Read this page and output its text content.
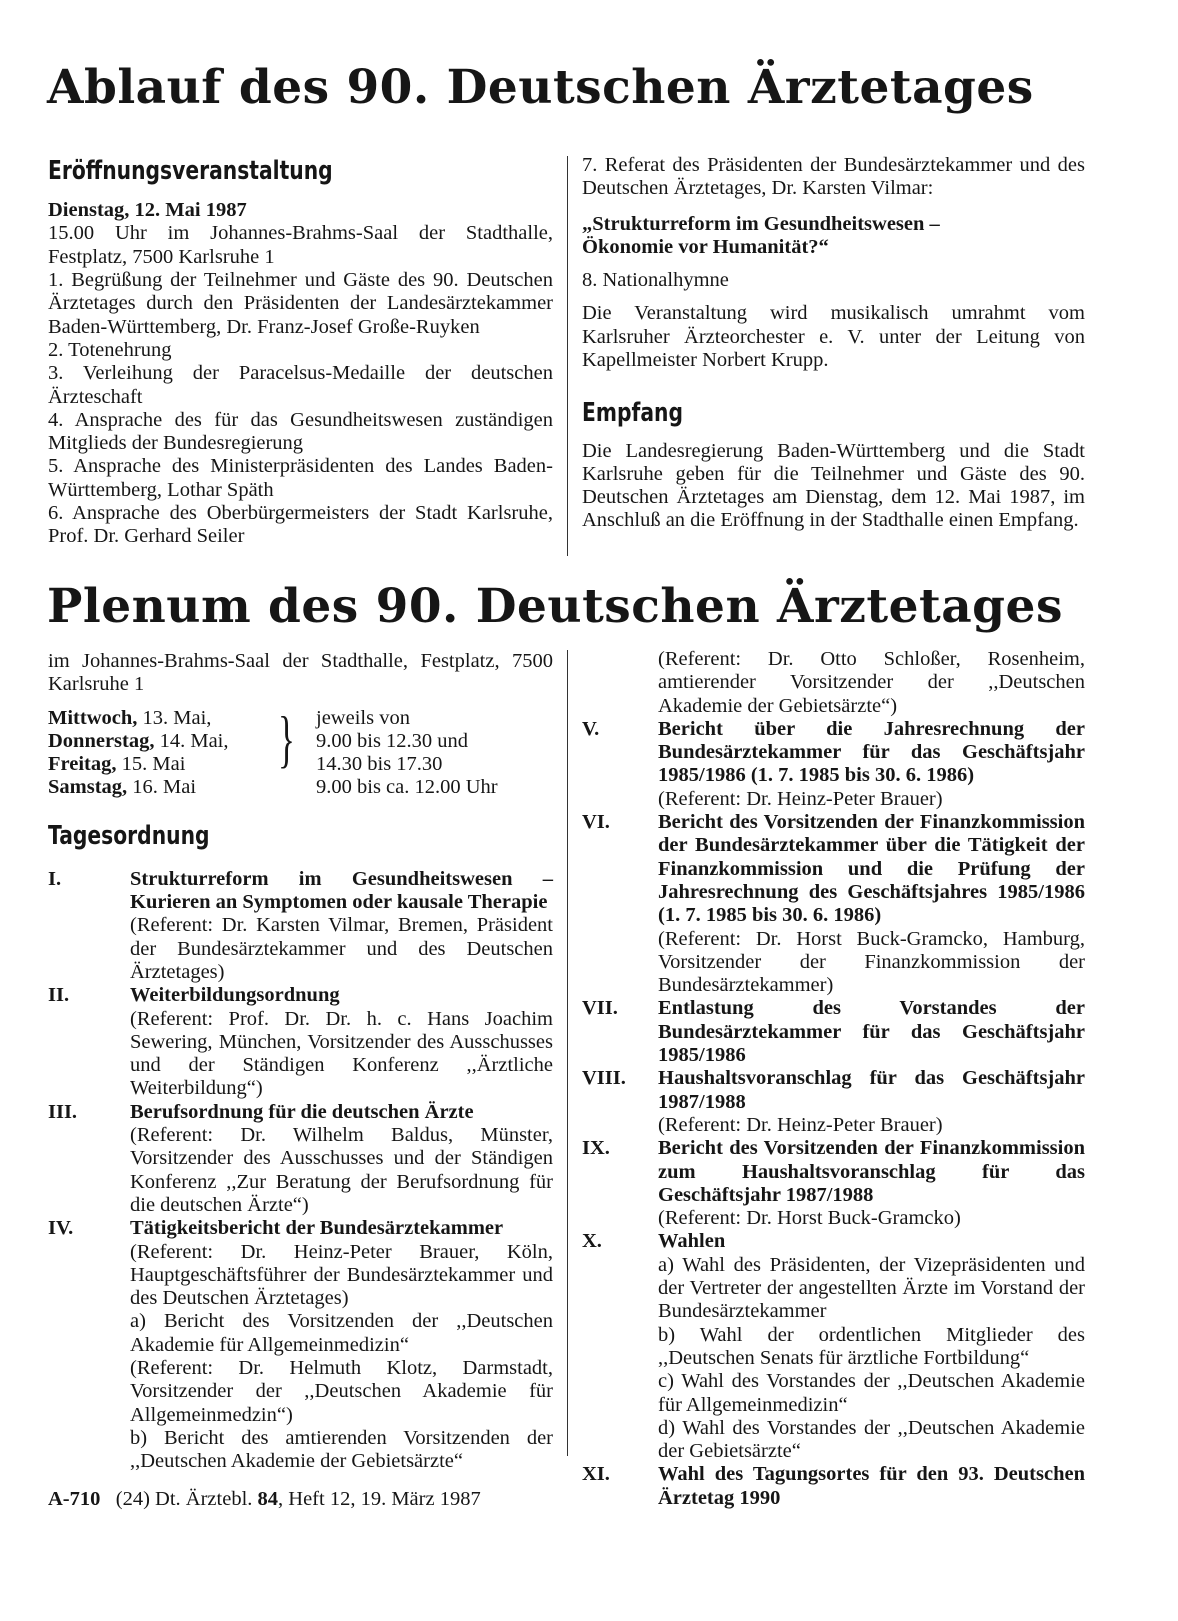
Ablauf des 90. Deutschen Ärztetages
Eröffnungsveranstaltung

Dienstag, 12. Mai 1987

15.00 Uhr im Johannes-Brahms-Saal der Stadthalle, Festplatz, 7500 Karlsruhe 1

1. Begrüßung der Teilnehmer und Gäste des 90. Deutschen Ärztetages durch den Präsidenten der Landesärztekammer Baden-Württemberg, Dr. Franz-Josef Große-Ruyken

2. Totenehrung

3. Verleihung der Paracelsus-Medaille der deutschen Ärzteschaft

4. Ansprache des für das Gesundheitswesen zuständigen Mitglieds der Bundesregierung

5. Ansprache des Ministerpräsidenten des Landes Baden-Württemberg, Lothar Späth

6. Ansprache des Oberbürgermeisters der Stadt Karlsruhe, Prof. Dr. Gerhard Seiler

7. Referat des Präsidenten der Bundesärztekammer und des Deutschen Ärztetages, Dr. Karsten Vilmar:

„Strukturreform im Gesundheitswesen –
Ökonomie vor Humanität?“

8. Nationalhymne

Die Veranstaltung wird musikalisch umrahmt vom Karlsruher Ärzteorchester e. V. unter der Leitung von Kapellmeister Norbert Krupp.

Empfang

Die Landesregierung Baden-Württemberg und die Stadt Karlsruhe geben für die Teilnehmer und Gäste des 90. Deutschen Ärztetages am Dienstag, dem 12. Mai 1987, im Anschluß an die Eröffnung in der Stadthalle einen Empfang.

Plenum des 90. Deutschen Ärztetages

im Johannes-Brahms-Saal der Stadthalle, Festplatz, 7500 Karlsruhe 1

Mittwoch, 13. Mai,	jeweils von
Donnerstag, 14. Mai,	9.00 bis 12.30 und
Freitag, 15. Mai	14.30 bis 17.30
Samstag, 16. Mai	9.00 bis ca. 12.00 Uhr
}
Tagesordnung
I.	Strukturreform im Gesundheitswesen – Kurieren an Symptomen oder kausale Therapie

(Referent: Dr. Karsten Vilmar, Bremen, Präsident der Bundesärztekammer und des Deutschen Ärztetages)

II.	Weiterbildungsordnung

(Referent: Prof. Dr. Dr. h. c. Hans Joachim Sewering, München, Vorsitzender des Ausschusses und der Ständigen Konferenz ,,Ärztliche Weiterbildung“)

III.	Berufsordnung für die deutschen Ärzte

(Referent: Dr. Wilhelm Baldus, Münster, Vorsitzender des Ausschusses und der Ständigen Konferenz ,,Zur Beratung der Berufsordnung für die deutschen Ärzte“)

IV.	Tätigkeitsbericht der Bundesärztekammer

(Referent: Dr. Heinz-Peter Brauer, Köln, Hauptgeschäftsführer der Bundesärztekammer und des Deutschen Ärztetages)

a) Bericht des Vorsitzenden der ,,Deutschen Akademie für Allgemeinmedizin“

(Referent: Dr. Helmuth Klotz, Darmstadt, Vorsitzender der ,,Deutschen Akademie für Allgemeinmedzin“)

b) Bericht des amtierenden Vorsitzenden der ,,Deutschen Akademie der Gebietsärzte“

(Referent: Dr. Otto Schloßer, Rosenheim, amtierender Vorsitzender der ,,Deutschen Akademie der Gebietsärzte“)

V.	Bericht über die Jahresrechnung der Bundesärztekammer für das Geschäftsjahr 1985/1986 (1. 7. 1985 bis 30. 6. 1986)

(Referent: Dr. Heinz-Peter Brauer)

VI.	Bericht des Vorsitzenden der Finanzkommission der Bundesärztekammer über die Tätigkeit der Finanzkommission und die Prüfung der Jahresrechnung des Geschäftsjahres 1985/1986 (1. 7. 1985 bis 30. 6. 1986)

(Referent: Dr. Horst Buck-Gramcko, Hamburg, Vorsitzender der Finanzkommission der Bundesärztekammer)

VII.	Entlastung des Vorstandes der Bundesärztekammer für das Geschäftsjahr 1985/1986

VIII.	Haushaltsvoranschlag für das Geschäftsjahr 1987/1988

(Referent: Dr. Heinz-Peter Brauer)

IX.	Bericht des Vorsitzenden der Finanzkommission zum Haushaltsvoranschlag für das Geschäftsjahr 1987/1988

(Referent: Dr. Horst Buck-Gramcko)

X.	Wahlen

a) Wahl des Präsidenten, der Vizepräsidenten und der Vertreter der angestellten Ärzte im Vorstand der Bundesärztekammer

b) Wahl der ordentlichen Mitglieder des ,,Deutschen Senats für ärztliche Fortbildung“

c) Wahl des Vorstandes der ,,Deutschen Akademie für Allgemeinmedizin“

d) Wahl des Vorstandes der ,,Deutschen Akademie der Gebietsärzte“

XI.	Wahl des Tagungsortes für den 93. Deutschen Ärztetag 1990

A-710 (24) Dt. Ärztebl. 84, Heft 12, 19. März 1987
